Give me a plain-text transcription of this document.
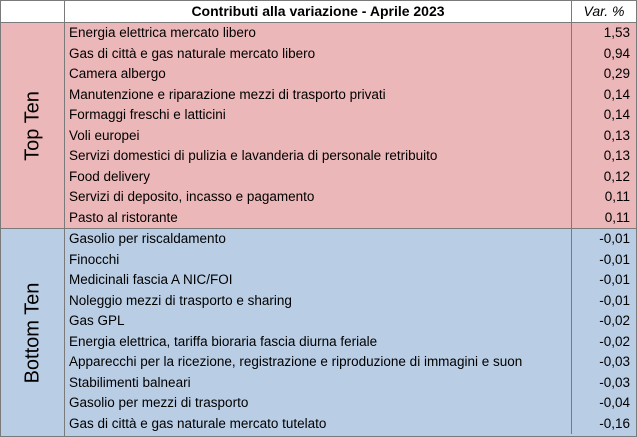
Contributi alla variazione - Aprile 2023	Var. %
Top Ten
Energia elettrica mercato libero	1,53
Gas di città e gas naturale mercato libero	0,94
Camera albergo	0,29
Manutenzione e riparazione mezzi di trasporto privati	0,14
Formaggi freschi e latticini	0,14
Voli europei	0,13
Servizi domestici di pulizia e lavanderia di personale retribuito	0,13
Food delivery	0,12
Servizi di deposito, incasso e pagamento	0,11
Pasto al ristorante	0,11
Bottom Ten
Gasolio per riscaldamento	-0,01
Finocchi	-0,01
Medicinali fascia A NIC/FOI	-0,01
Noleggio mezzi di trasporto e sharing	-0,01
Gas GPL	-0,02
Energia elettrica, tariffa bioraria fascia diurna feriale	-0,02
Apparecchi per la ricezione, registrazione e riproduzione di immagini e suon	-0,03
Stabilimenti balneari	-0,03
Gasolio per mezzi di trasporto	-0,04
Gas di città e gas naturale mercato tutelato	-0,16
